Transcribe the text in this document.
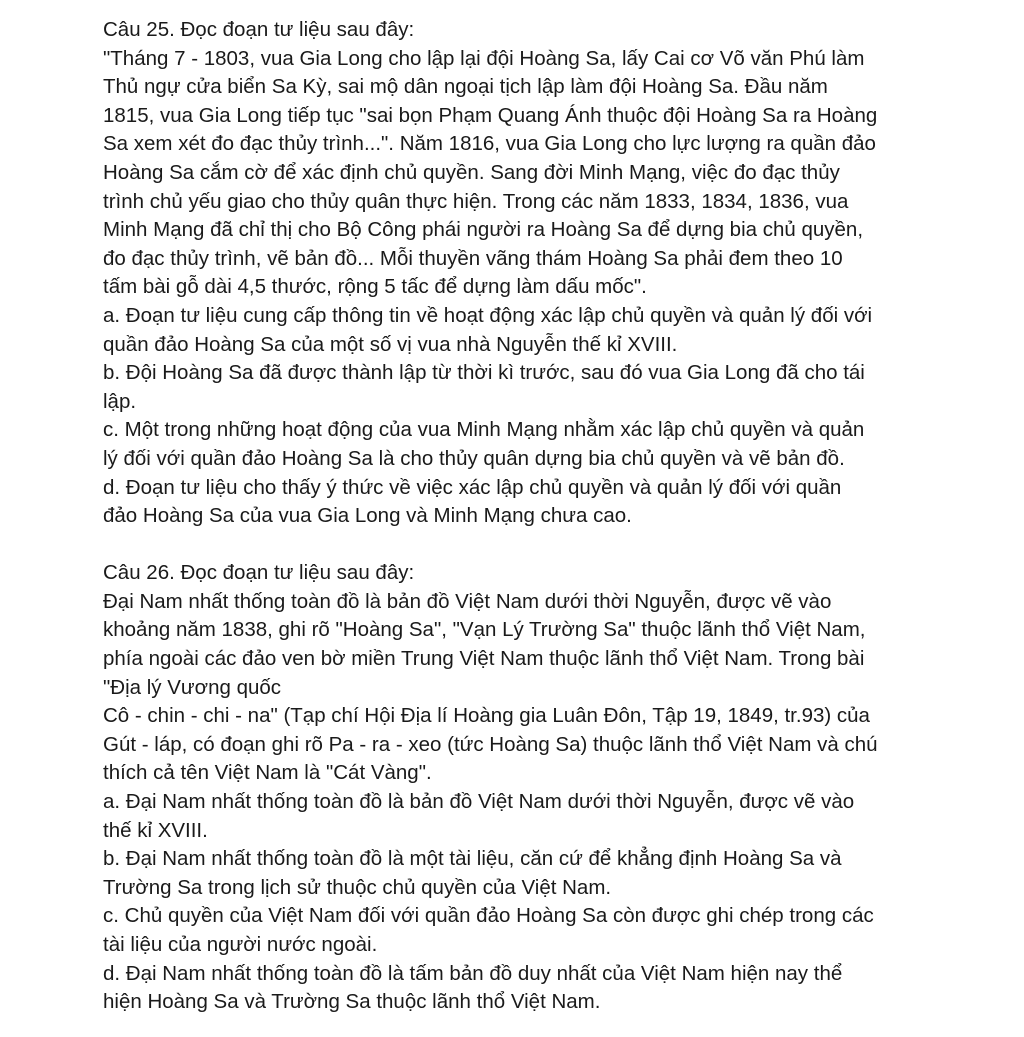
Câu 25. Đọc đoạn tư liệu sau đây:
"Tháng 7 - 1803, vua Gia Long cho lập lại đội Hoàng Sa, lấy Cai cơ Võ văn Phú làm
Thủ ngự cửa biển Sa Kỳ, sai mộ dân ngoại tịch lập làm đội Hoàng Sa. Đầu năm
1815, vua Gia Long tiếp tục "sai bọn Phạm Quang Ánh thuộc đội Hoàng Sa ra Hoàng
Sa xem xét đo đạc thủy trình...". Năm 1816, vua Gia Long cho lực lượng ra quần đảo
Hoàng Sa cắm cờ để xác định chủ quyền. Sang đời Minh Mạng, việc đo đạc thủy
trình chủ yếu giao cho thủy quân thực hiện. Trong các năm 1833, 1834, 1836, vua
Minh Mạng đã chỉ thị cho Bộ Công phái người ra Hoàng Sa để dựng bia chủ quyền,
đo đạc thủy trình, vẽ bản đồ... Mỗi thuyền vãng thám Hoàng Sa phải đem theo 10
tấm bài gỗ dài 4,5 thước, rộng 5 tấc để dựng làm dấu mốc".
a. Đoạn tư liệu cung cấp thông tin về hoạt động xác lập chủ quyền và quản lý đối với
quần đảo Hoàng Sa của một số vị vua nhà Nguyễn thế kỉ XVIII.
b. Đội Hoàng Sa đã được thành lập từ thời kì trước, sau đó vua Gia Long đã cho tái
lập.
c. Một trong những hoạt động của vua Minh Mạng nhằm xác lập chủ quyền và quản
lý đối với quần đảo Hoàng Sa là cho thủy quân dựng bia chủ quyền và vẽ bản đồ.
d. Đoạn tư liệu cho thấy ý thức về việc xác lập chủ quyền và quản lý đối với quần
đảo Hoàng Sa của vua Gia Long và Minh Mạng chưa cao.
Câu 26. Đọc đoạn tư liệu sau đây:
Đại Nam nhất thống toàn đồ là bản đồ Việt Nam dưới thời Nguyễn, được vẽ vào
khoảng năm 1838, ghi rõ "Hoàng Sa", "Vạn Lý Trường Sa" thuộc lãnh thổ Việt Nam,
phía ngoài các đảo ven bờ miền Trung Việt Nam thuộc lãnh thổ Việt Nam. Trong bài
"Địa lý Vương quốc
Cô - chin - chi - na" (Tạp chí Hội Địa lí Hoàng gia Luân Đôn, Tập 19, 1849, tr.93) của
Gút - láp, có đoạn ghi rõ Pa - ra - xeo (tức Hoàng Sa) thuộc lãnh thổ Việt Nam và chú
thích cả tên Việt Nam là "Cát Vàng".
a. Đại Nam nhất thống toàn đồ là bản đồ Việt Nam dưới thời Nguyễn, được vẽ vào
thế kỉ XVIII.
b. Đại Nam nhất thống toàn đồ là một tài liệu, căn cứ để khẳng định Hoàng Sa và
Trường Sa trong lịch sử thuộc chủ quyền của Việt Nam.
c. Chủ quyền của Việt Nam đối với quần đảo Hoàng Sa còn được ghi chép trong các
tài liệu của người nước ngoài.
d. Đại Nam nhất thống toàn đồ là tấm bản đồ duy nhất của Việt Nam hiện nay thể
hiện Hoàng Sa và Trường Sa thuộc lãnh thổ Việt Nam.
